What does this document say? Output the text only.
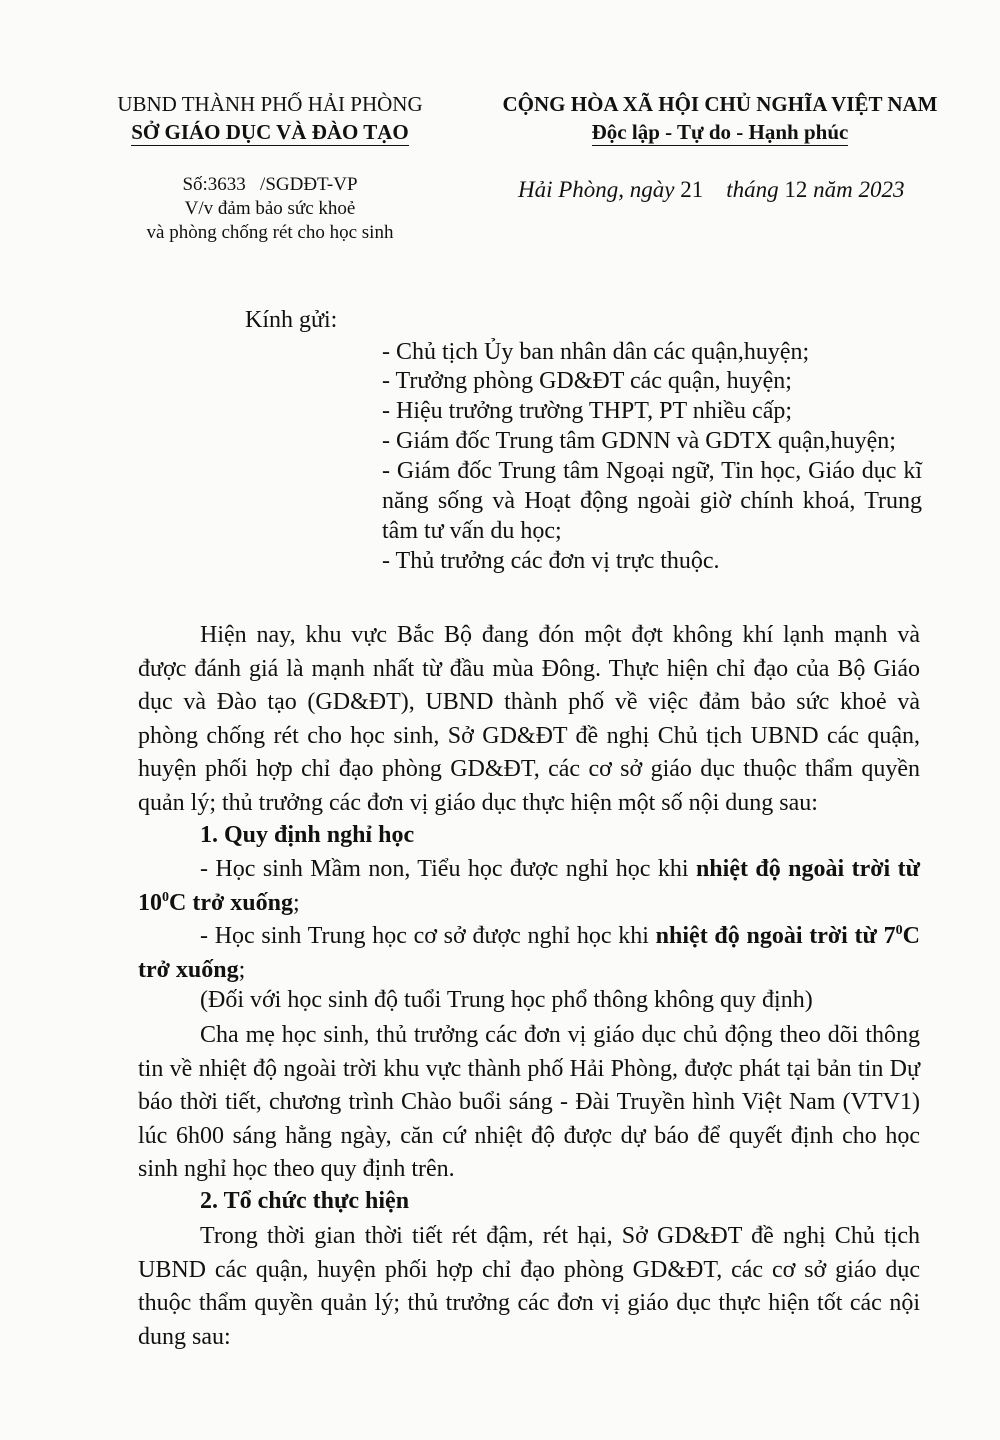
UBND THÀNH PHỐ HẢI PHÒNG
SỞ GIÁO DỤC VÀ ĐÀO TẠO
CỘNG HÒA XÃ HỘI CHỦ NGHĨA VIỆT NAM
Độc lập - Tự do - Hạnh phúc
Số:3633 /SGDĐT-VP
V/v đảm bảo sức khoẻ
và phòng chống rét cho học sinh
Hải Phòng, ngày 21 tháng 12 năm 2023
Kính gửi:
- Chủ tịch Ủy ban nhân dân các quận,huyện;
- Trưởng phòng GD&ĐT các quận, huyện;
- Hiệu trưởng trường THPT, PT nhiều cấp;
- Giám đốc Trung tâm GDNN và GDTX quận,huyện;
- Giám đốc Trung tâm Ngoại ngữ, Tin học, Giáo dục kĩ năng sống và Hoạt động ngoài giờ chính khoá, Trung tâm tư vấn du học;
- Thủ trưởng các đơn vị trực thuộc.
Hiện nay, khu vực Bắc Bộ đang đón một đợt không khí lạnh mạnh và được đánh giá là mạnh nhất từ đầu mùa Đông. Thực hiện chỉ đạo của Bộ Giáo dục và Đào tạo (GD&ĐT), UBND thành phố về việc đảm bảo sức khoẻ và phòng chống rét cho học sinh, Sở GD&ĐT đề nghị Chủ tịch UBND các quận, huyện phối hợp chỉ đạo phòng GD&ĐT, các cơ sở giáo dục thuộc thẩm quyền quản lý; thủ trưởng các đơn vị giáo dục thực hiện một số nội dung sau:
1. Quy định nghỉ học
- Học sinh Mầm non, Tiểu học được nghỉ học khi nhiệt độ ngoài trời từ $10^0C$ trở xuống;
- Học sinh Trung học cơ sở được nghỉ học khi nhiệt độ ngoài trời từ $7^0C$ trở xuống;
(Đối với học sinh độ tuổi Trung học phổ thông không quy định)
Cha mẹ học sinh, thủ trưởng các đơn vị giáo dục chủ động theo dõi thông tin về nhiệt độ ngoài trời khu vực thành phố Hải Phòng, được phát tại bản tin Dự báo thời tiết, chương trình Chào buổi sáng - Đài Truyền hình Việt Nam (VTV1) lúc 6h00 sáng hằng ngày, căn cứ nhiệt độ được dự báo để quyết định cho học sinh nghỉ học theo quy định trên.
2. Tổ chức thực hiện
Trong thời gian thời tiết rét đậm, rét hại, Sở GD&ĐT đề nghị Chủ tịch UBND các quận, huyện phối hợp chỉ đạo phòng GD&ĐT, các cơ sở giáo dục thuộc thẩm quyền quản lý; thủ trưởng các đơn vị giáo dục thực hiện tốt các nội dung sau:
